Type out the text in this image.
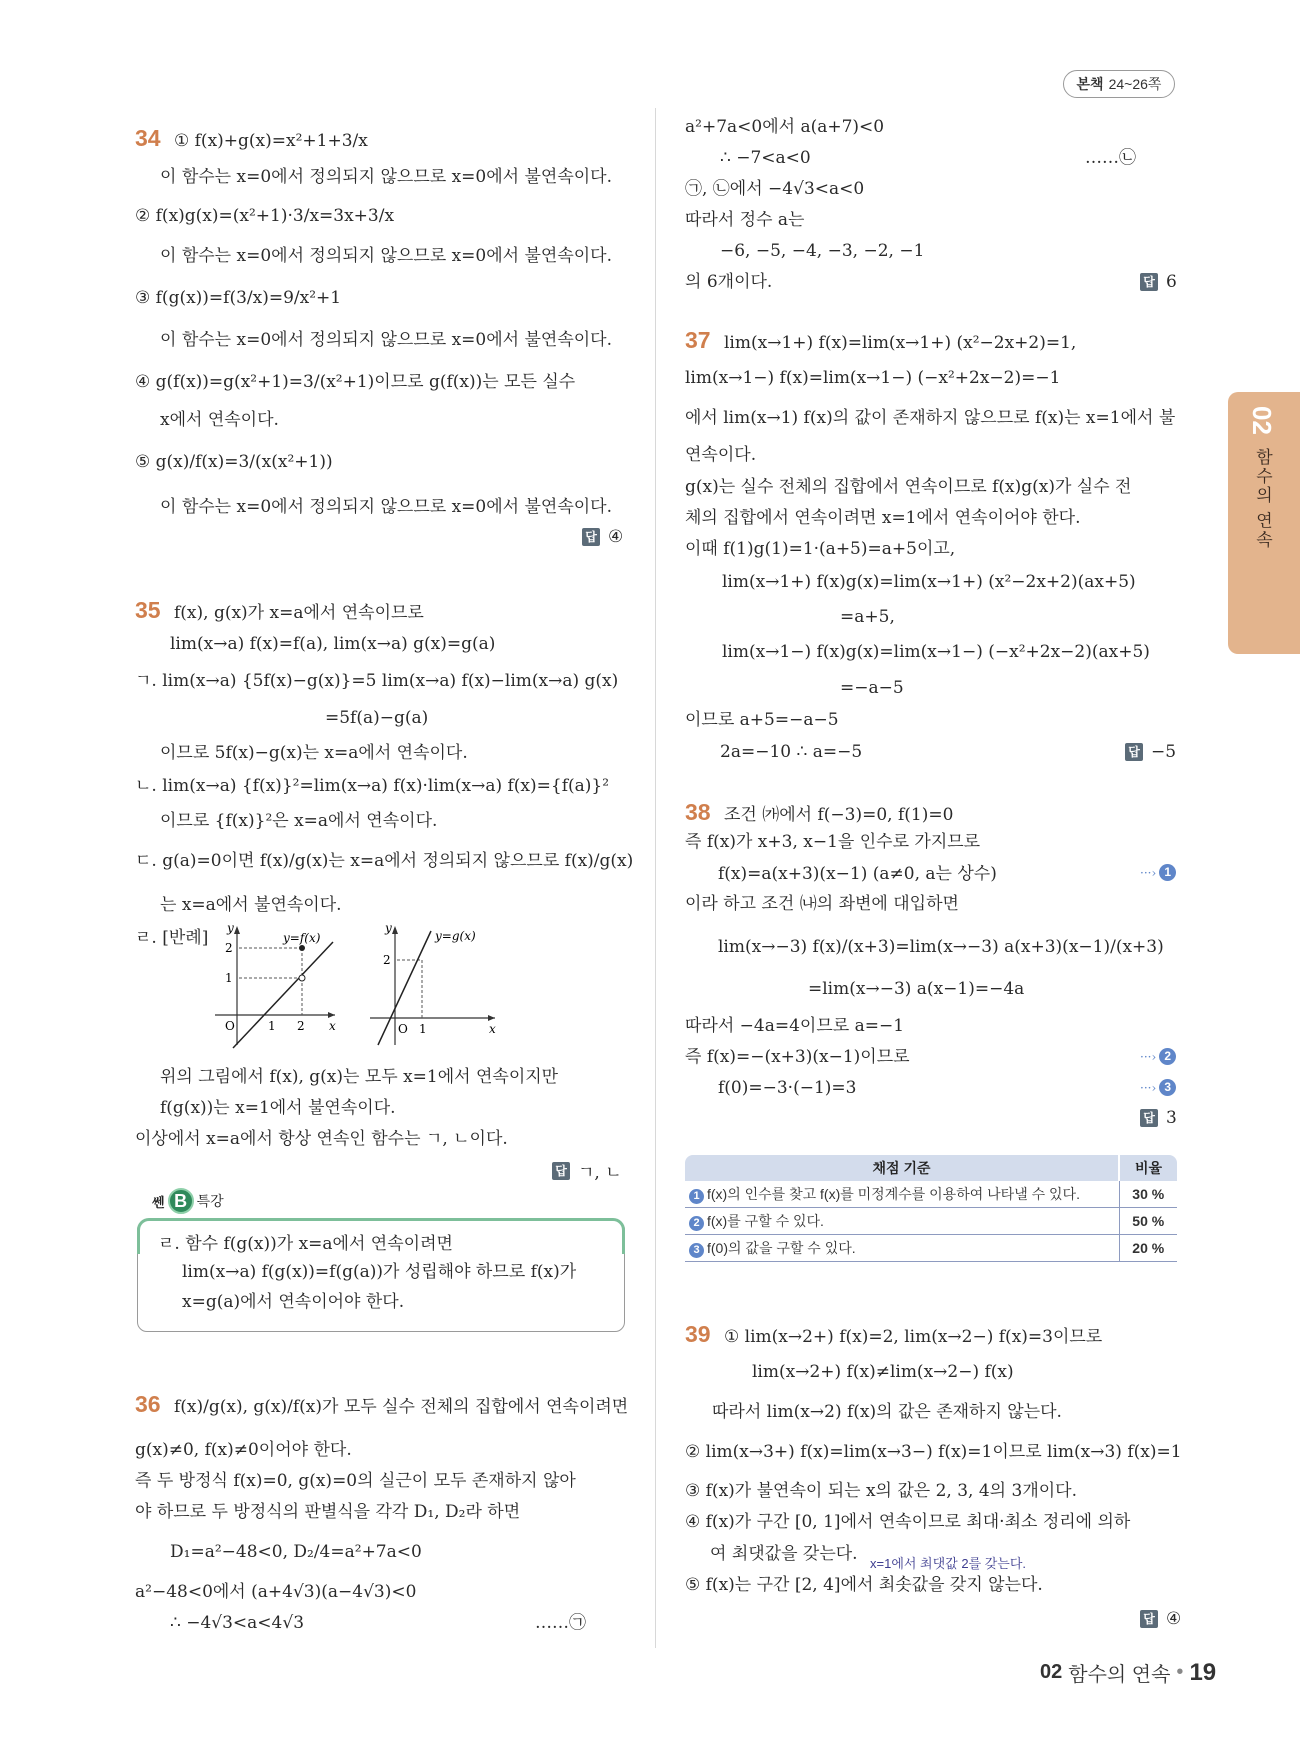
본책 24~26쪽
02
함수의 연속
34 ① f(x)+g(x)=x²+1+3/x
이 함수는 x=0에서 정의되지 않으므로 x=0에서 불연속이다.
② f(x)g(x)=(x²+1)·3/x=3x+3/x
이 함수는 x=0에서 정의되지 않으므로 x=0에서 불연속이다.
③ f(g(x))=f(3/x)=9/x²+1
이 함수는 x=0에서 정의되지 않으므로 x=0에서 불연속이다.
④ g(f(x))=g(x²+1)=3/(x²+1)이므로 g(f(x))는 모든 실수
x에서 연속이다.
⑤ g(x)/f(x)=3/(x(x²+1))
이 함수는 x=0에서 정의되지 않으므로 x=0에서 불연속이다.
답 ④
35 f(x), g(x)가 x=a에서 연속이므로
lim(x→a) f(x)=f(a), lim(x→a) g(x)=g(a)
ㄱ. lim(x→a) {5f(x)−g(x)}=5 lim(x→a) f(x)−lim(x→a) g(x)
=5f(a)−g(a)
이므로 5f(x)−g(x)는 x=a에서 연속이다.
ㄴ. lim(x→a) {f(x)}²=lim(x→a) f(x)·lim(x→a) f(x)={f(a)}²
이므로 {f(x)}²은 x=a에서 연속이다.
ㄷ. g(a)=0이면 f(x)/g(x)는 x=a에서 정의되지 않으므로 f(x)/g(x)
는 x=a에서 불연속이다.
ㄹ. [반례] y
2
1
O	1 2 x
y=f(x)
y
2
O 1	x
y=g(x)
위의 그림에서 f(x), g(x)는 모두 x=1에서 연속이지만
f(g(x))는 x=1에서 불연속이다.
이상에서 x=a에서 항상 연속인 함수는 ㄱ, ㄴ이다.
답 ㄱ, ㄴ
쎈 B 특강
ㄹ. 함수 f(g(x))가 x=a에서 연속이려면
lim(x→a) f(g(x))=f(g(a))가 성립해야 하므로 f(x)가
x=g(a)에서 연속이어야 한다.
36 f(x)/g(x), g(x)/f(x)가 모두 실수 전체의 집합에서 연속이려면
g(x)≠0, f(x)≠0이어야 한다.
즉 두 방정식 f(x)=0, g(x)=0의 실근이 모두 존재하지 않아
야 하므로 두 방정식의 판별식을 각각 D₁, D₂라 하면
D₁=a²−48<0, D₂/4=a²+7a<0
a²−48<0에서 (a+4√3)(a−4√3)<0
∴ −4√3<a<4√3	……㉠
a²+7a<0에서 a(a+7)<0
∴ −7<a<0	……㉡
㉠, ㉡에서 −4√3<a<0
따라서 정수 a는
−6, −5, −4, −3, −2, −1
의 6개이다.	답 6
37 lim(x→1+) f(x)=lim(x→1+) (x²−2x+2)=1,
lim(x→1−) f(x)=lim(x→1−) (−x²+2x−2)=−1
에서 lim(x→1) f(x)의 값이 존재하지 않으므로 f(x)는 x=1에서 불
연속이다.
g(x)는 실수 전체의 집합에서 연속이므로 f(x)g(x)가 실수 전
체의 집합에서 연속이려면 x=1에서 연속이어야 한다.
이때 f(1)g(1)=1·(a+5)=a+5이고,
lim(x→1+) f(x)g(x)=lim(x→1+) (x²−2x+2)(ax+5)
=a+5,
lim(x→1−) f(x)g(x)=lim(x→1−) (−x²+2x−2)(ax+5)
=−a−5
이므로 a+5=−a−5
2a=−10 ∴ a=−5	답 −5
38 조건 ㈎에서 f(−3)=0, f(1)=0
즉 f(x)가 x+3, x−1을 인수로 가지므로
f(x)=a(x+3)(x−1) (a≠0, a는 상수)	···› 1
이라 하고 조건 ㈏의 좌변에 대입하면
lim(x→−3) f(x)/(x+3)=lim(x→−3) a(x+3)(x−1)/(x+3)
=lim(x→−3) a(x−1)=−4a
따라서 −4a=4이므로 a=−1
즉 f(x)=−(x+3)(x−1)이므로	···› 2
f(0)=−3·(−1)=3	···› 3
답 3
채점 기준	비율
1 f(x)의 인수를 찾고 f(x)를 미정계수를 이용하여 나타낼 수 있다.	30 %
2 f(x)를 구할 수 있다.	50 %
3 f(0)의 값을 구할 수 있다.	20 %
39 ① lim(x→2+) f(x)=2, lim(x→2−) f(x)=3이므로
lim(x→2+) f(x)≠lim(x→2−) f(x)
따라서 lim(x→2) f(x)의 값은 존재하지 않는다.
② lim(x→3+) f(x)=lim(x→3−) f(x)=1이므로 lim(x→3) f(x)=1
③ f(x)가 불연속이 되는 x의 값은 2, 3, 4의 3개이다.
④ f(x)가 구간 [0, 1]에서 연속이므로 최대·최소 정리에 의하
여 최댓값을 갖는다. x=1에서 최댓값 2를 갖는다.
⑤ f(x)는 구간 [2, 4]에서 최솟값을 갖지 않는다.
답 ④
02 함수의 연속 • 19
